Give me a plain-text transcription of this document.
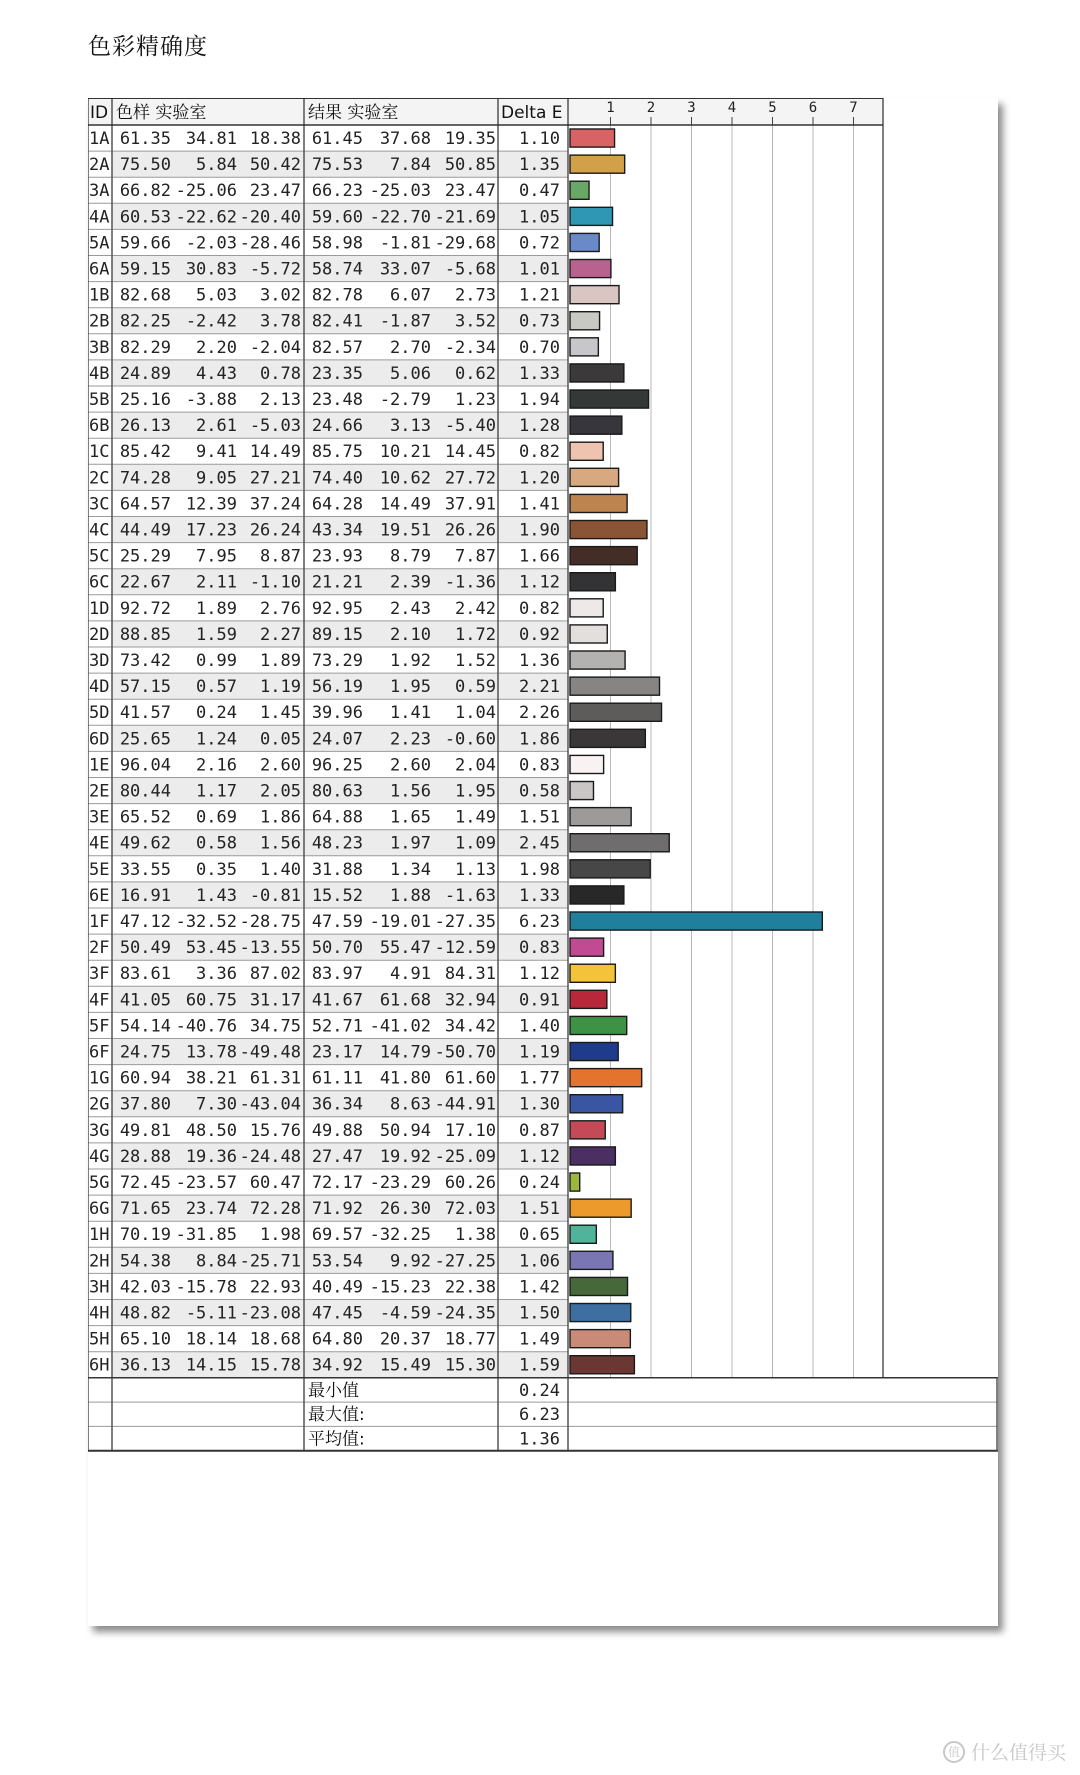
色彩精确度
1 2 3 4 5 6 7
ID 色样 实验室	结果 实验室	Delta E
1A 61.35 34.81 18.38 61.45 37.68 19.35 1.10
2A 75.50 5.84 50.42 75.53 7.84 50.85 1.35
3A 66.82 -25.06 23.47 66.23 -25.03 23.47 0.47
4A 60.53 -22.62 -20.40 59.60 -22.70 -21.69 1.05
5A 59.66 -2.03 -28.46 58.98 -1.81 -29.68 0.72
6A 59.15 30.83 -5.72 58.74 33.07 -5.68 1.01
1B 82.68 5.03 3.02 82.78 6.07 2.73 1.21
2B 82.25 -2.42 3.78 82.41 -1.87 3.52 0.73
3B 82.29 2.20 -2.04 82.57 2.70 -2.34 0.70
4B 24.89 4.43 0.78 23.35 5.06 0.62 1.33
5B 25.16 -3.88 2.13 23.48 -2.79 1.23 1.94
6B 26.13 2.61 -5.03 24.66 3.13 -5.40 1.28
1C 85.42 9.41 14.49 85.75 10.21 14.45 0.82
2C 74.28 9.05 27.21 74.40 10.62 27.72 1.20
3C 64.57 12.39 37.24 64.28 14.49 37.91 1.41
4C 44.49 17.23 26.24 43.34 19.51 26.26 1.90
5C 25.29 7.95 8.87 23.93 8.79 7.87 1.66
6C 22.67 2.11 -1.10 21.21 2.39 -1.36 1.12
1D 92.72 1.89 2.76 92.95 2.43 2.42 0.82
2D 88.85 1.59 2.27 89.15 2.10 1.72 0.92
3D 73.42 0.99 1.89 73.29 1.92 1.52 1.36
4D 57.15 0.57 1.19 56.19 1.95 0.59 2.21
5D 41.57 0.24 1.45 39.96 1.41 1.04 2.26
6D 25.65 1.24 0.05 24.07 2.23 -0.60 1.86
1E 96.04 2.16 2.60 96.25 2.60 2.04 0.83
2E 80.44 1.17 2.05 80.63 1.56 1.95 0.58
3E 65.52 0.69 1.86 64.88 1.65 1.49 1.51
4E 49.62 0.58 1.56 48.23 1.97 1.09 2.45
5E 33.55 0.35 1.40 31.88 1.34 1.13 1.98
6E 16.91 1.43 -0.81 15.52 1.88 -1.63 1.33
1F 47.12 -32.52 -28.75 47.59 -19.01 -27.35 6.23
2F 50.49 53.45 -13.55 50.70 55.47 -12.59 0.83
3F 83.61 3.36 87.02 83.97 4.91 84.31 1.12
4F 41.05 60.75 31.17 41.67 61.68 32.94 0.91
5F 54.14 -40.76 34.75 52.71 -41.02 34.42 1.40
6F 24.75 13.78 -49.48 23.17 14.79 -50.70 1.19
1G 60.94 38.21 61.31 61.11 41.80 61.60 1.77
2G 37.80 7.30 -43.04 36.34 8.63 -44.91 1.30
3G 49.81 48.50 15.76 49.88 50.94 17.10 0.87
4G 28.88 19.36 -24.48 27.47 19.92 -25.09 1.12
5G 72.45 -23.57 60.47 72.17 -23.29 60.26 0.24
6G 71.65 23.74 72.28 71.92 26.30 72.03 1.51
1H 70.19 -31.85 1.98 69.57 -32.25 1.38 0.65
2H 54.38 8.84 -25.71 53.54 9.92 -27.25 1.06
3H 42.03 -15.78 22.93 40.49 -15.23 22.38 1.42
4H 48.82 -5.11 -23.08 47.45 -4.59 -24.35 1.50
5H 65.10 18.14 18.68 64.80 20.37 18.77 1.49
6H 36.13 14.15 15.78 34.92 15.49 15.30 1.59
最小值	0.24
最大值:	6.23
平均值:	1.36
值 什么值得买
